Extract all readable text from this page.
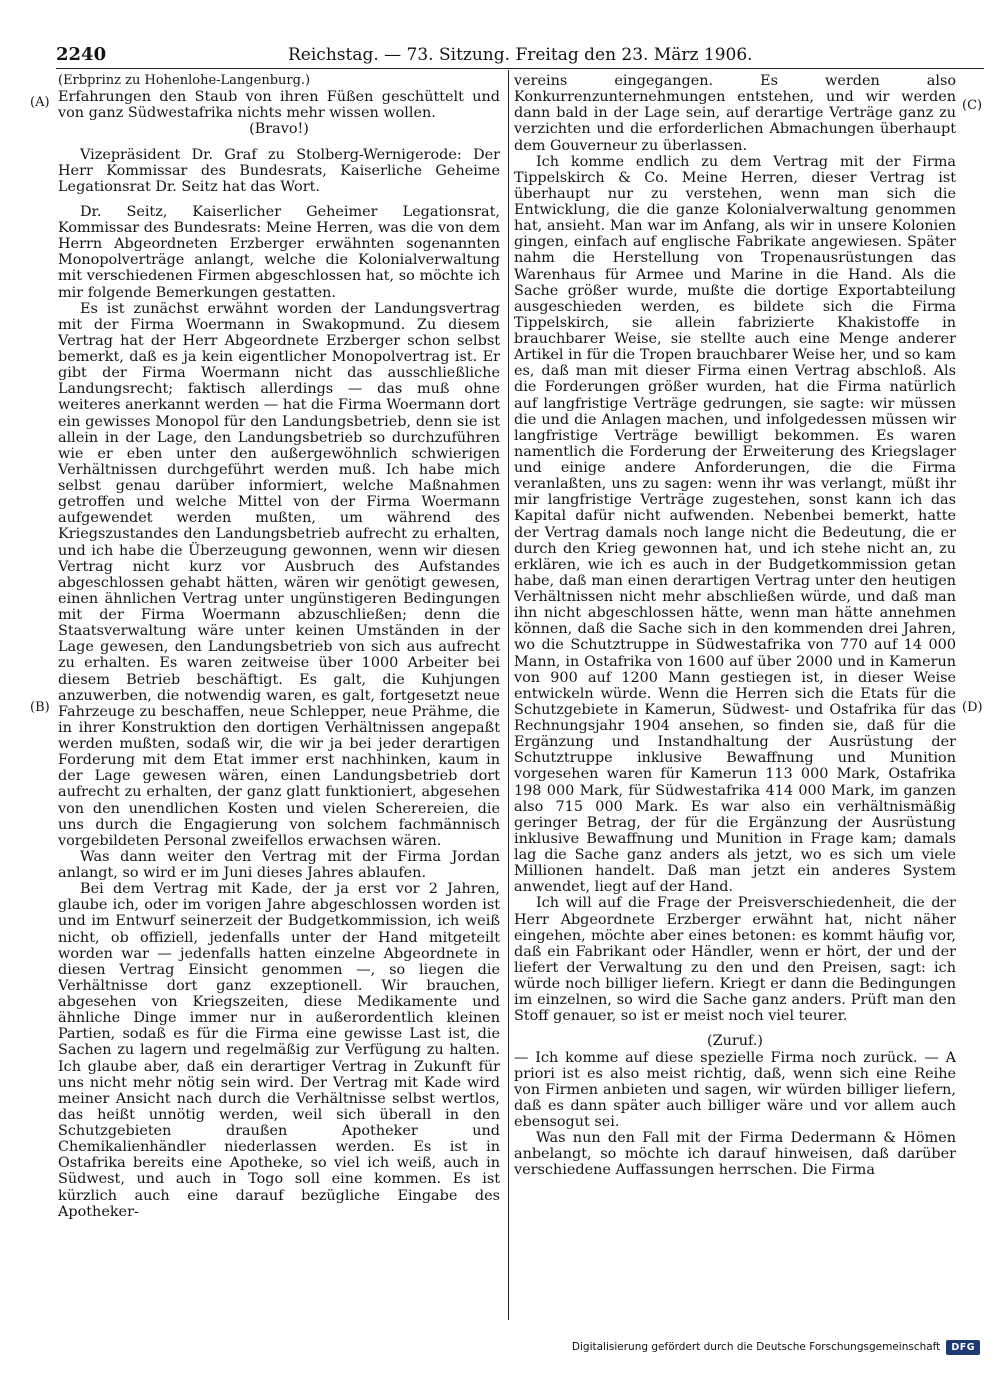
2240	Reichstag. — 73. Sitzung. Freitag den 23. März 1906.
(A)
(B)
(C)
(D)

(Erbprinz zu Hohenlohe-Langenburg.)

Erfahrungen den Staub von ihren Füßen geschüttelt und von ganz Südwestafrika nichts mehr wissen wollen.

(Bravo!)

Vizepräsident Dr. Graf zu Stolberg-Wernigerode: Der Herr Kommissar des Bundesrats, Kaiserliche Geheime Legationsrat Dr. Seitz hat das Wort.

Dr. Seitz, Kaiserlicher Geheimer Legationsrat, Kommissar des Bundesrats: Meine Herren, was die von dem Herrn Abgeordneten Erzberger erwähnten sogenannten Monopolverträge anlangt, welche die Kolonialverwaltung mit verschiedenen Firmen abgeschlossen hat, so möchte ich mir folgende Bemerkungen gestatten.

Es ist zunächst erwähnt worden der Landungsvertrag mit der Firma Woermann in Swakopmund. Zu diesem Vertrag hat der Herr Abgeordnete Erzberger schon selbst bemerkt, daß es ja kein eigentlicher Monopolvertrag ist. Er gibt der Firma Woermann nicht das ausschließliche Landungsrecht; faktisch allerdings — das muß ohne weiteres anerkannt werden — hat die Firma Woermann dort ein gewisses Monopol für den Landungsbetrieb, denn sie ist allein in der Lage, den Landungsbetrieb so durchzuführen wie er eben unter den außergewöhnlich schwierigen Verhältnissen durchgeführt werden muß. Ich habe mich selbst genau darüber informiert, welche Maßnahmen getroffen und welche Mittel von der Firma Woermann aufgewendet werden mußten, um während des Kriegszustandes den Landungsbetrieb aufrecht zu erhalten, und ich habe die Überzeugung gewonnen, wenn wir diesen Vertrag nicht kurz vor Ausbruch des Aufstandes abgeschlossen gehabt hätten, wären wir genötigt gewesen, einen ähnlichen Vertrag unter ungünstigeren Bedingungen mit der Firma Woermann abzuschließen; denn die Staatsverwaltung wäre unter keinen Umständen in der Lage gewesen, den Landungsbetrieb von sich aus aufrecht zu erhalten. Es waren zeitweise über 1000 Arbeiter bei diesem Betrieb beschäftigt. Es galt, die Kuhjungen anzuwerben, die notwendig waren, es galt, fortgesetzt neue Fahrzeuge zu beschaffen, neue Schlepper, neue Prähme, die in ihrer Konstruktion den dortigen Verhältnissen angepaßt werden mußten, sodaß wir, die wir ja bei jeder derartigen Forderung mit dem Etat immer erst nachhinken, kaum in der Lage gewesen wären, einen Landungsbetrieb dort aufrecht zu erhalten, der ganz glatt funktioniert, abgesehen von den unendlichen Kosten und vielen Scherereien, die uns durch die Engagierung von solchem fachmännisch vorgebildeten Personal zweifellos erwachsen wären.

Was dann weiter den Vertrag mit der Firma Jordan anlangt, so wird er im Juni dieses Jahres ablaufen.

Bei dem Vertrag mit Kade, der ja erst vor 2 Jahren, glaube ich, oder im vorigen Jahre abgeschlossen worden ist und im Entwurf seinerzeit der Budgetkommission, ich weiß nicht, ob offiziell, jedenfalls unter der Hand mitgeteilt worden war — jedenfalls hatten einzelne Abgeordnete in diesen Vertrag Einsicht genommen —, so liegen die Verhältnisse dort ganz exzeptionell. Wir brauchen, abgesehen von Kriegszeiten, diese Medikamente und ähnliche Dinge immer nur in außerordentlich kleinen Partien, sodaß es für die Firma eine gewisse Last ist, die Sachen zu lagern und regelmäßig zur Verfügung zu halten. Ich glaube aber, daß ein derartiger Vertrag in Zukunft für uns nicht mehr nötig sein wird. Der Vertrag mit Kade wird meiner Ansicht nach durch die Verhältnisse selbst wertlos, das heißt unnötig werden, weil sich überall in den Schutzgebieten draußen Apotheker und Chemikalienhändler niederlassen werden. Es ist in Ostafrika bereits eine Apotheke, so viel ich weiß, auch in Südwest, und auch in Togo soll eine kommen. Es ist kürzlich auch eine darauf bezügliche Eingabe des Apotheker-

vereins eingegangen. Es werden also Konkurrenzunternehmungen entstehen, und wir werden dann bald in der Lage sein, auf derartige Verträge ganz zu verzichten und die erforderlichen Abmachungen überhaupt dem Gouverneur zu überlassen.

Ich komme endlich zu dem Vertrag mit der Firma Tippelskirch & Co. Meine Herren, dieser Vertrag ist überhaupt nur zu verstehen, wenn man sich die Entwicklung, die die ganze Kolonialverwaltung genommen hat, ansieht. Man war im Anfang, als wir in unsere Kolonien gingen, einfach auf englische Fabrikate angewiesen. Später nahm die Herstellung von Tropenausrüstungen das Warenhaus für Armee und Marine in die Hand. Als die Sache größer wurde, mußte die dortige Exportabteilung ausgeschieden werden, es bildete sich die Firma Tippelskirch, sie allein fabrizierte Khakistoffe in brauchbarer Weise, sie stellte auch eine Menge anderer Artikel in für die Tropen brauchbarer Weise her, und so kam es, daß man mit dieser Firma einen Vertrag abschloß. Als die Forderungen größer wurden, hat die Firma natürlich auf langfristige Verträge gedrungen, sie sagte: wir müssen die und die Anlagen machen, und infolgedessen müssen wir langfristige Verträge bewilligt bekommen. Es waren namentlich die Forderung der Erweiterung des Kriegslager und einige andere Anforderungen, die die Firma veranlaßten, uns zu sagen: wenn ihr was verlangt, müßt ihr mir langfristige Verträge zugestehen, sonst kann ich das Kapital dafür nicht aufwenden. Nebenbei bemerkt, hatte der Vertrag damals noch lange nicht die Bedeutung, die er durch den Krieg gewonnen hat, und ich stehe nicht an, zu erklären, wie ich es auch in der Budgetkommission getan habe, daß man einen derartigen Vertrag unter den heutigen Verhältnissen nicht mehr abschließen würde, und daß man ihn nicht abgeschlossen hätte, wenn man hätte annehmen können, daß die Sache sich in den kommenden drei Jahren, wo die Schutztruppe in Südwestafrika von 770 auf 14 000 Mann, in Ostafrika von 1600 auf über 2000 und in Kamerun von 900 auf 1200 Mann gestiegen ist, in dieser Weise entwickeln würde. Wenn die Herren sich die Etats für die Schutzgebiete in Kamerun, Südwest- und Ostafrika für das Rechnungsjahr 1904 ansehen, so finden sie, daß für die Ergänzung und Instandhaltung der Ausrüstung der Schutztruppe inklusive Bewaffnung und Munition vorgesehen waren für Kamerun 113 000 Mark, Ostafrika 198 000 Mark, für Südwestafrika 414 000 Mark, im ganzen also 715 000 Mark. Es war also ein verhältnismäßig geringer Betrag, der für die Ergänzung der Ausrüstung inklusive Bewaffnung und Munition in Frage kam; damals lag die Sache ganz anders als jetzt, wo es sich um viele Millionen handelt. Daß man jetzt ein anderes System anwendet, liegt auf der Hand.

Ich will auf die Frage der Preisverschiedenheit, die der Herr Abgeordnete Erzberger erwähnt hat, nicht näher eingehen, möchte aber eines betonen: es kommt häufig vor, daß ein Fabrikant oder Händler, wenn er hört, der und der liefert der Verwaltung zu den und den Preisen, sagt: ich würde noch billiger liefern. Kriegt er dann die Bedingungen im einzelnen, so wird die Sache ganz anders. Prüft man den Stoff genauer, so ist er meist noch viel teurer.

(Zuruf.)

— Ich komme auf diese spezielle Firma noch zurück. — A priori ist es also meist richtig, daß, wenn sich eine Reihe von Firmen anbieten und sagen, wir würden billiger liefern, daß es dann später auch billiger wäre und vor allem auch ebensogut sei.

Was nun den Fall mit der Firma Dedermann & Hömen anbelangt, so möchte ich darauf hinweisen, daß darüber verschiedene Auffassungen herrschen. Die Firma

Digitalisierung gefördert durch die Deutsche Forschungsgemeinschaft	DFG
